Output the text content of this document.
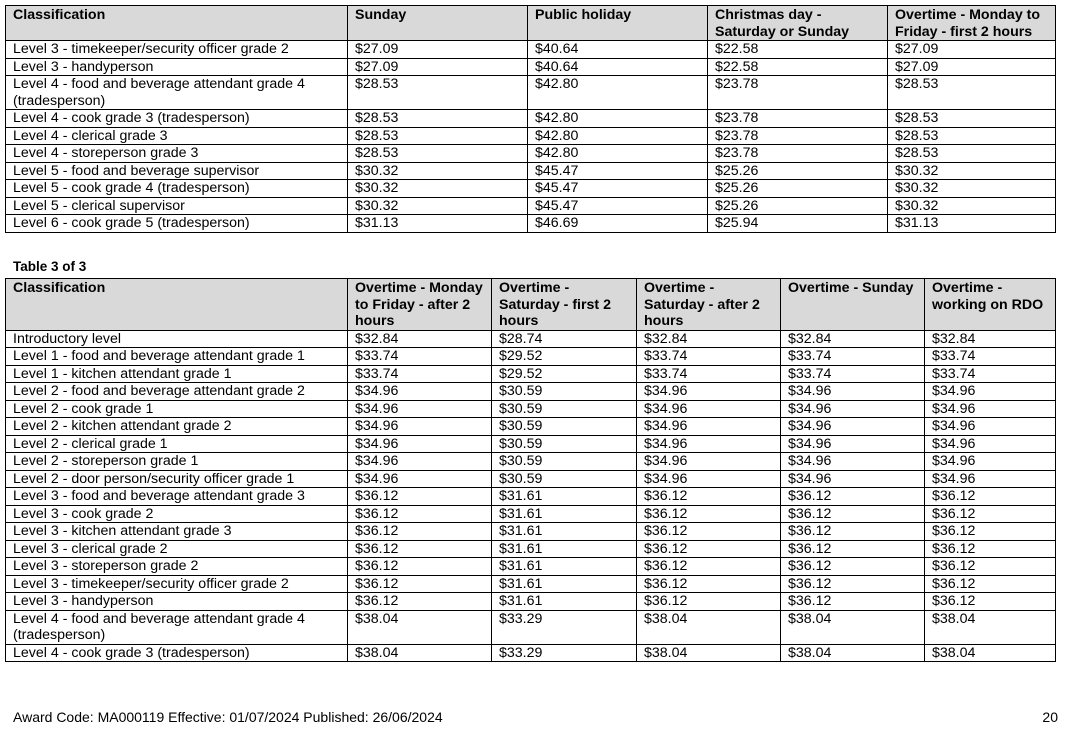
Classification	Sunday	Public holiday	Christmas day - Saturday or Sunday	Overtime - Monday to Friday - first 2 hours
Level 3 - timekeeper/security officer grade 2	$27.09	$40.64	$22.58	$27.09
Level 3 - handyperson	$27.09	$40.64	$22.58	$27.09
Level 4 - food and beverage attendant grade 4 (tradesperson)	$28.53	$42.80	$23.78	$28.53
Level 4 - cook grade 3 (tradesperson)	$28.53	$42.80	$23.78	$28.53
Level 4 - clerical grade 3	$28.53	$42.80	$23.78	$28.53
Level 4 - storeperson grade 3	$28.53	$42.80	$23.78	$28.53
Level 5 - food and beverage supervisor	$30.32	$45.47	$25.26	$30.32
Level 5 - cook grade 4 (tradesperson)	$30.32	$45.47	$25.26	$30.32
Level 5 - clerical supervisor	$30.32	$45.47	$25.26	$30.32
Level 6 - cook grade 5 (tradesperson)	$31.13	$46.69	$25.94	$31.13
Table 3 of 3
Classification	Overtime - Monday to Friday - after 2 hours	Overtime - Saturday - first 2 hours	Overtime - Saturday - after 2 hours	Overtime - Sunday	Overtime - working on RDO
Introductory level	$32.84	$28.74	$32.84	$32.84	$32.84
Level 1 - food and beverage attendant grade 1	$33.74	$29.52	$33.74	$33.74	$33.74
Level 1 - kitchen attendant grade 1	$33.74	$29.52	$33.74	$33.74	$33.74
Level 2 - food and beverage attendant grade 2	$34.96	$30.59	$34.96	$34.96	$34.96
Level 2 - cook grade 1	$34.96	$30.59	$34.96	$34.96	$34.96
Level 2 - kitchen attendant grade 2	$34.96	$30.59	$34.96	$34.96	$34.96
Level 2 - clerical grade 1	$34.96	$30.59	$34.96	$34.96	$34.96
Level 2 - storeperson grade 1	$34.96	$30.59	$34.96	$34.96	$34.96
Level 2 - door person/security officer grade 1	$34.96	$30.59	$34.96	$34.96	$34.96
Level 3 - food and beverage attendant grade 3	$36.12	$31.61	$36.12	$36.12	$36.12
Level 3 - cook grade 2	$36.12	$31.61	$36.12	$36.12	$36.12
Level 3 - kitchen attendant grade 3	$36.12	$31.61	$36.12	$36.12	$36.12
Level 3 - clerical grade 2	$36.12	$31.61	$36.12	$36.12	$36.12
Level 3 - storeperson grade 2	$36.12	$31.61	$36.12	$36.12	$36.12
Level 3 - timekeeper/security officer grade 2	$36.12	$31.61	$36.12	$36.12	$36.12
Level 3 - handyperson	$36.12	$31.61	$36.12	$36.12	$36.12
Level 4 - food and beverage attendant grade 4 (tradesperson)	$38.04	$33.29	$38.04	$38.04	$38.04
Level 4 - cook grade 3 (tradesperson)	$38.04	$33.29	$38.04	$38.04	$38.04
Award Code: MA000119 Effective: 01/07/2024 Published: 26/06/2024	20
